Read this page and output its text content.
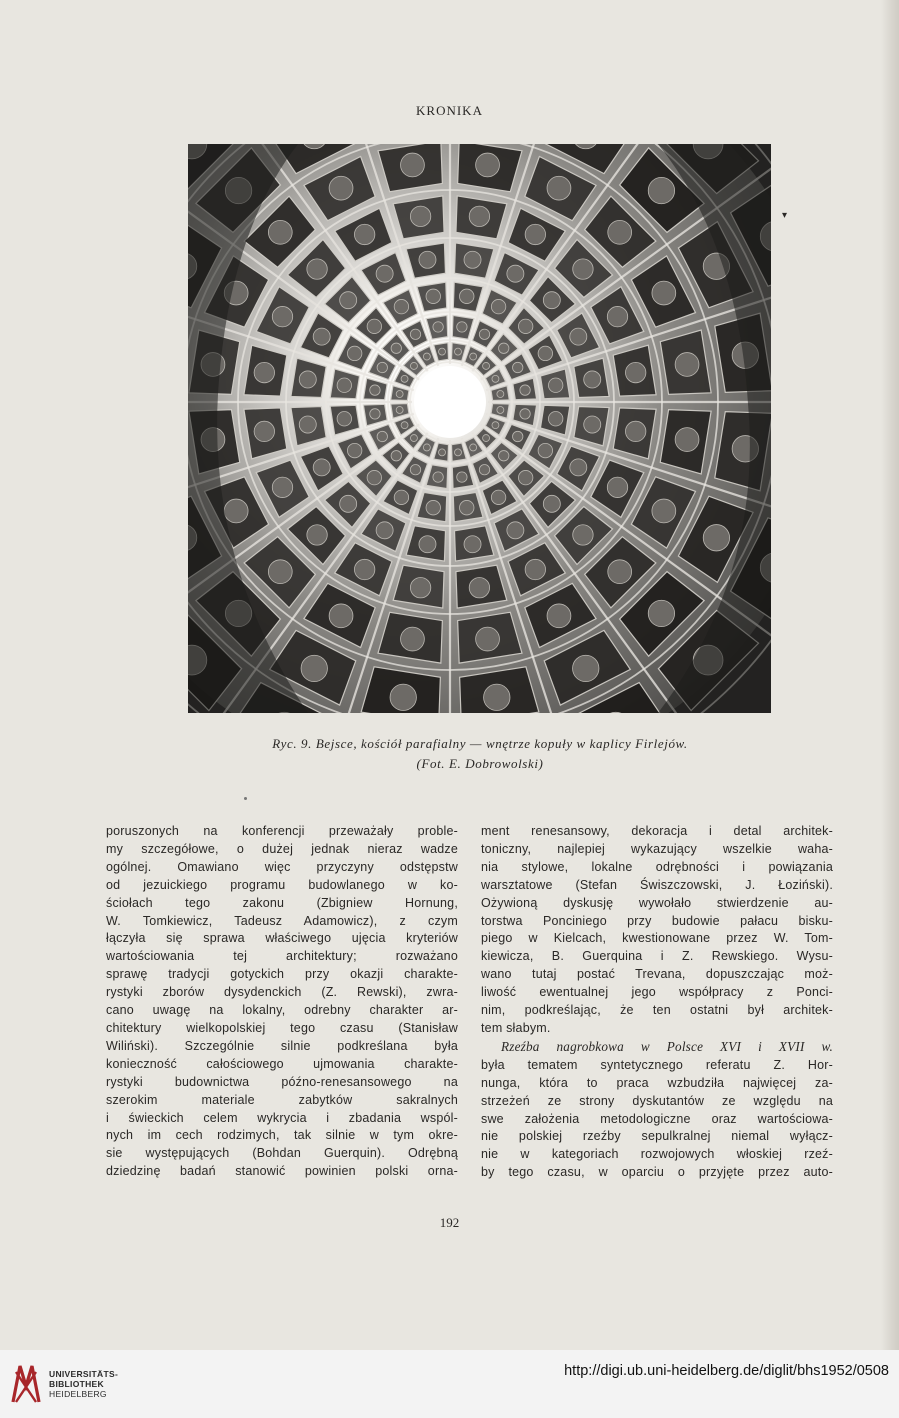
KRONIKA
▾
Ryc. 9. Bejsce, kościół parafialny — wnętrze kopuły w kaplicy Firlejów.
(Fot. E. Dobrowolski)
poruszonych na konferencji przeważały proble-
my szczegółowe, o dużej jednak nieraz wadze
ogólnej. Omawiano więc przyczyny odstępstw
od jezuickiego programu budowlanego w ko-
ściołach tego zakonu (Zbigniew Hornung,
W. Tomkiewicz, Tadeusz Adamowicz), z czym
łączyła się sprawa właściwego ujęcia kryteriów
wartościowania tej architektury; rozważano
sprawę tradycji gotyckich przy okazji charakte-
rystyki zborów dysydenckich (Z. Rewski), zwra-
cano uwagę na lokalny, odrebny charakter ar-
chitektury wielkopolskiej tego czasu (Stanisław
Wiliński). Szczególnie silnie podkreślana była
konieczność całościowego ujmowania charakte-
rystyki budownictwa późno-renesansowego na
szerokim materiale zabytków sakralnych
i świeckich celem wykrycia i zbadania wspól-
nych im cech rodzimych, tak silnie w tym okre-
sie występujących (Bohdan Guerquin). Odrębną
dziedzinę badań stanowić powinien polski orna-
ment renesansowy, dekoracja i detal architek-
toniczny, najlepiej wykazujący wszelkie waha-
nia stylowe, lokalne odrębności i powiązania
warsztatowe (Stefan Świszczowski, J. Łoziński).
Ożywioną dyskusję wywołało stwierdzenie au-
torstwa Ponciniego przy budowie pałacu bisku-
piego w Kielcach, kwestionowane przez W. Tom-
kiewicza, B. Guerquina i Z. Rewskiego. Wysu-
wano tutaj postać Trevana, dopuszczając moż-
liwość ewentualnej jego współpracy z Ponci-
nim, podkreślając, że ten ostatni był architek-
tem słabym.
Rzeźba nagrobkowa w Polsce XVI i XVII w.
była tematem syntetycznego referatu Z. Hor-
nunga, która to praca wzbudziła najwięcej za-
strzeżeń ze strony dyskutantów ze względu na
swe założenia metodologiczne oraz wartościowa-
nie polskiej rzeźby sepulkralnej niemal wyłącz-
nie w kategoriach rozwojowych włoskiej rzeź-
by tego czasu, w oparciu o przyjęte przez auto-
192
UNIVERSITÄTS-
BIBLIOTHEK
HEIDELBERG
http://digi.ub.uni-heidelberg.de/diglit/bhs1952/0508
